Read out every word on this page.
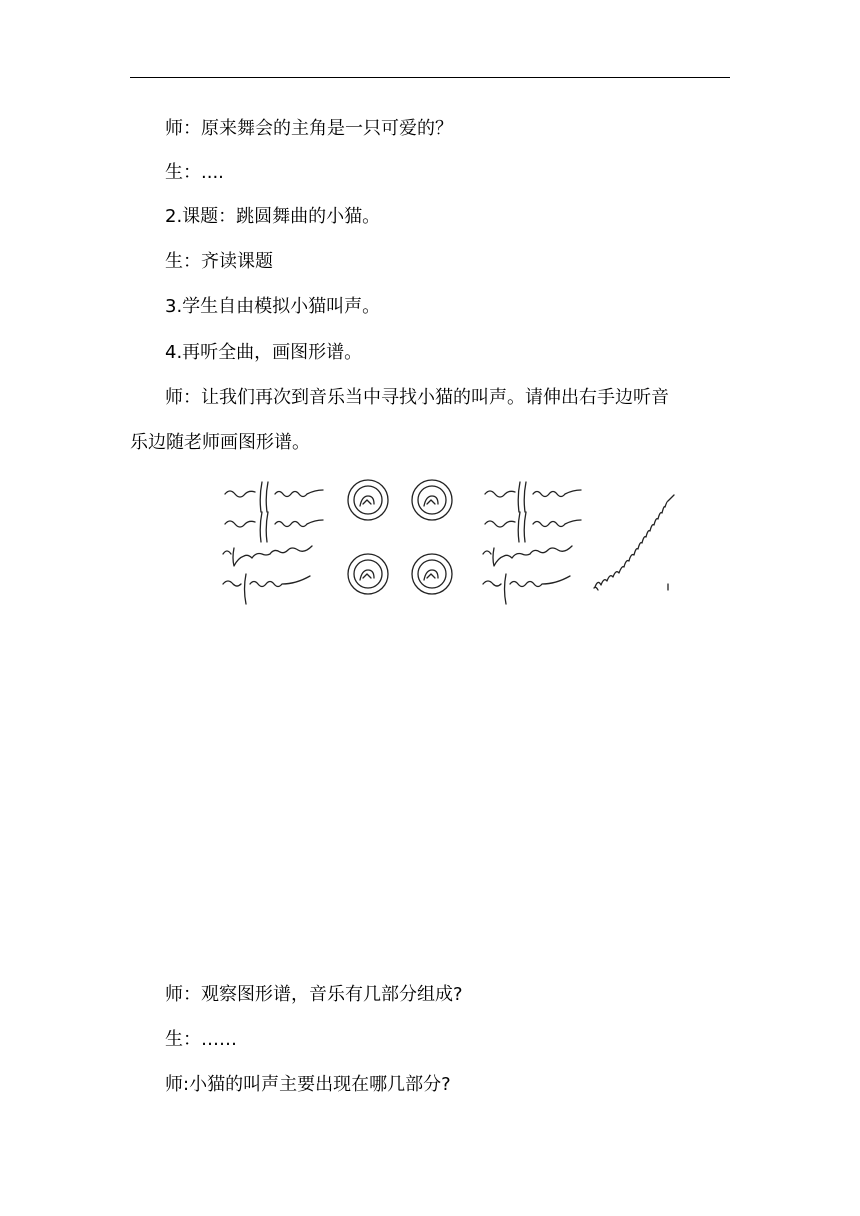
师：原来舞会的主角是一只可爱的？
生：....
2.课题：跳圆舞曲的小猫。
生：齐读课题
3.学生自由模拟小猫叫声。
4.再听全曲，画图形谱。
师：让我们再次到音乐当中寻找小猫的叫声。请伸出右手边听音
乐边随老师画图形谱。
师：观察图形谱，音乐有几部分组成?
生：……
师:小猫的叫声主要出现在哪几部分?
